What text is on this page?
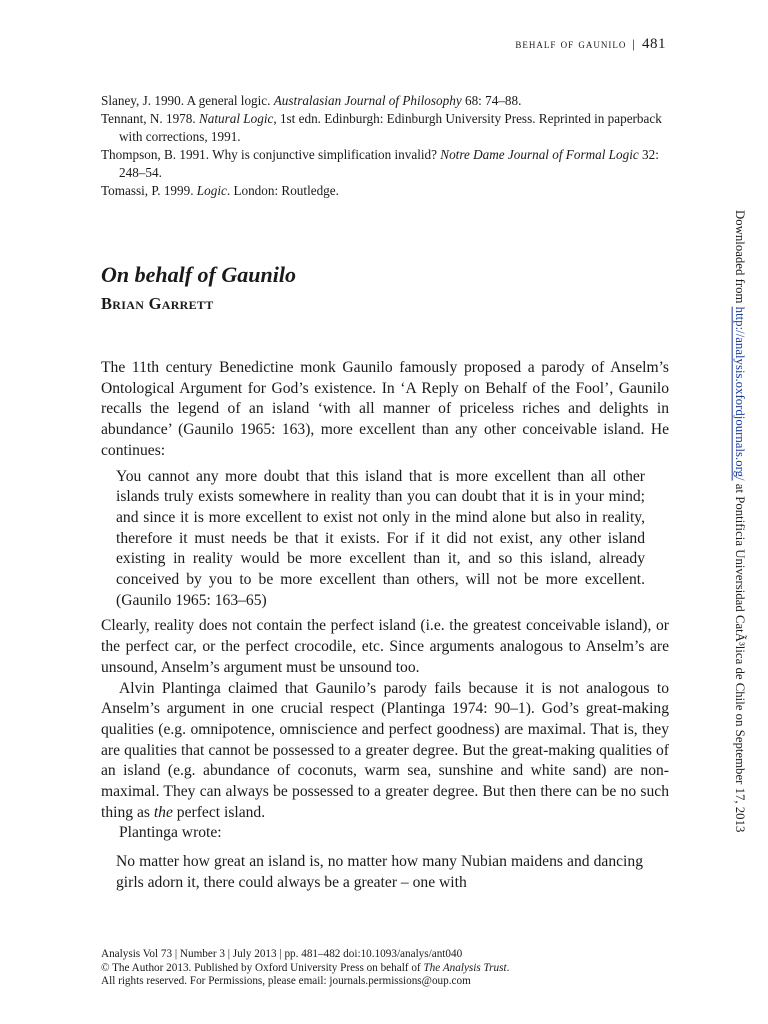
behalf of gaunilo | 481

Slaney, J. 1990. A general logic. Australasian Journal of Philosophy 68: 74–88.

Tennant, N. 1978. Natural Logic, 1st edn. Edinburgh: Edinburgh University Press. Reprinted in paperback with corrections, 1991.

Thompson, B. 1991. Why is conjunctive simplification invalid? Notre Dame Journal of Formal Logic 32: 248–54.

Tomassi, P. 1999. Logic. London: Routledge.

On behalf of Gaunilo
Brian Garrett

The 11th century Benedictine monk Gaunilo famously proposed a parody of Anselm’s Ontological Argument for God’s existence. In ‘A Reply on Behalf of the Fool’, Gaunilo recalls the legend of an island ‘with all manner of priceless riches and delights in abundance’ (Gaunilo 1965: 163), more excellent than any other conceivable island. He continues:

You cannot any more doubt that this island that is more excellent than all other islands truly exists somewhere in reality than you can doubt that it is in your mind; and since it is more excellent to exist not only in the mind alone but also in reality, therefore it must needs be that it exists. For if it did not exist, any other island existing in reality would be more excellent than it, and so this island, already conceived by you to be more excellent than others, will not be more excellent. (Gaunilo 1965: 163–65)

Clearly, reality does not contain the perfect island (i.e. the greatest conceivable island), or the perfect car, or the perfect crocodile, etc. Since arguments analogous to Anselm’s are unsound, Anselm’s argument must be unsound too.

Alvin Plantinga claimed that Gaunilo’s parody fails because it is not analogous to Anselm’s argument in one crucial respect (Plantinga 1974: 90–1). God’s great-making qualities (e.g. omnipotence, omniscience and perfect goodness) are maximal. That is, they are qualities that cannot be possessed to a greater degree. But the great-making qualities of an island (e.g. abundance of coconuts, warm sea, sunshine and white sand) are non-maximal. They can always be possessed to a greater degree. But then there can be no such thing as the perfect island.

Plantinga wrote:

No matter how great an island is, no matter how many Nubian maidens and dancing girls adorn it, there could always be a greater – one with

Downloaded from http://analysis.oxfordjournals.org/ at Pontificia Universidad CatÃ³lica de Chile on September 17, 2013
Analysis Vol 73 | Number 3 | July 2013 | pp. 481–482 doi:10.1093/analys/ant040
© The Author 2013. Published by Oxford University Press on behalf of The Analysis Trust.
All rights reserved. For Permissions, please email: journals.permissions@oup.com
